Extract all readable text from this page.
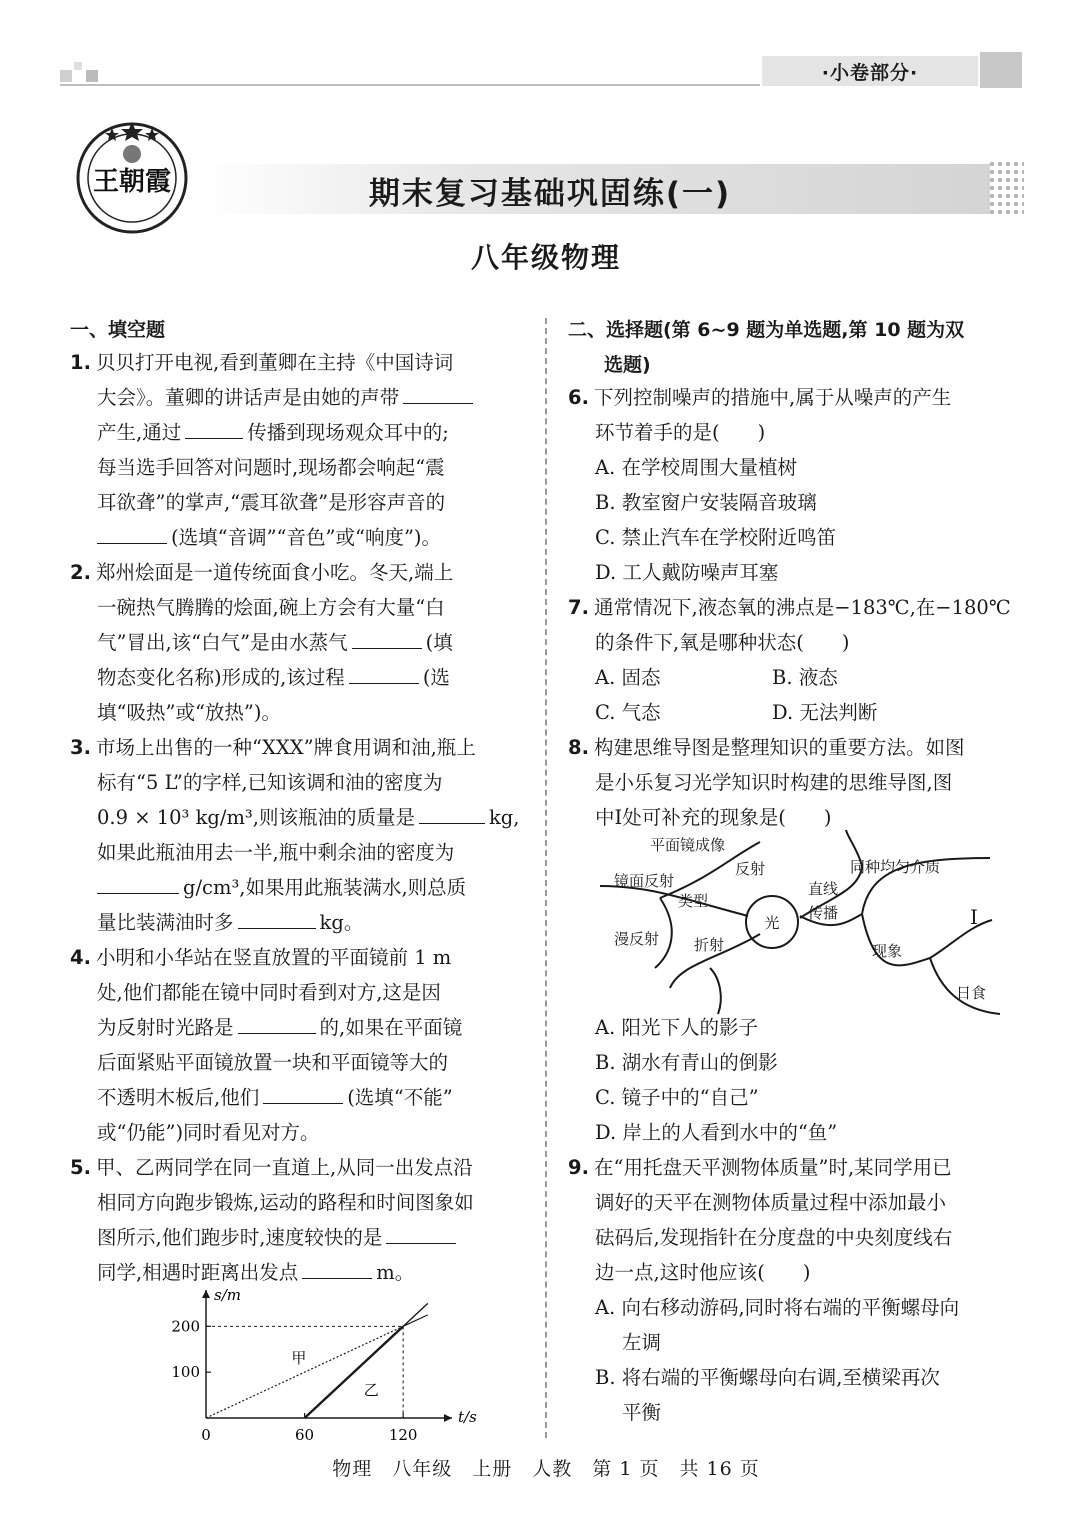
·小卷部分·
王朝霞	期末复习基础巩固练(一)
八年级物理
一、填空题
1. 贝贝打开电视,看到董卿在主持《中国诗词
大会》。董卿的讲话声是由她的声带
产生,通过	传播到现场观众耳中的;
每当选手回答对问题时,现场都会响起“震
耳欲聋”的掌声,“震耳欲聋”是形容声音的
(选填“音调”“音色”或“响度”)。
2. 郑州烩面是一道传统面食小吃。冬天,端上
一碗热气腾腾的烩面,碗上方会有大量“白
气”冒出,该“白气”是由水蒸气	(填
物态变化名称)形成的,该过程	(选
填“吸热”或“放热”)。
3. 市场上出售的一种“XXX”牌食用调和油,瓶上
标有“5 L”的字样,已知该调和油的密度为
0.9 × 10³ kg/m³,则该瓶油的质量是	kg,
如果此瓶油用去一半,瓶中剩余油的密度为
g/cm³,如果用此瓶装满水,则总质
量比装满油时多	kg。
4. 小明和小华站在竖直放置的平面镜前 1 m
处,他们都能在镜中同时看到对方,这是因
为反射时光路是	的,如果在平面镜
后面紧贴平面镜放置一块和平面镜等大的
不透明木板后,他们	(选填“不能”
或“仍能”)同时看见对方。
5. 甲、乙两同学在同一直道上,从同一出发点沿
相同方向跑步锻炼,运动的路程和时间图象如
图所示,他们跑步时,速度较快的是
同学,相遇时距离出发点	m。
t/s
s/m
0	60	120
100
200
甲
乙
二、选择题(第 6~9 题为单选题,第 10 题为双
选题)
6. 下列控制噪声的措施中,属于从噪声的产生
环节着手的是( )
A. 在学校周围大量植树
B. 教室窗户安装隔音玻璃
C. 禁止汽车在学校附近鸣笛
D. 工人戴防噪声耳塞
7. 通常情况下,液态氧的沸点是−183℃,在−180℃
的条件下,氧是哪种状态( )
A. 固态	B. 液态
C. 气态	D. 无法判断
8. 构建思维导图是整理知识的重要方法。如图
是小乐复习光学知识时构建的思维导图,图
中Ⅰ处可补充的现象是( )
光
平面镜成像
反射
镜面反射
类型
漫反射 折射
直线
传播
同种均匀介质
Ⅰ
现象
日食
A. 阳光下人的影子
B. 湖水有青山的倒影
C. 镜子中的“自己”
D. 岸上的人看到水中的“鱼”
9. 在“用托盘天平测物体质量”时,某同学用已
调好的天平在测物体质量过程中添加最小
砝码后,发现指针在分度盘的中央刻度线右
边一点,这时他应该( )
A. 向右移动游码,同时将右端的平衡螺母向
左调
B. 将右端的平衡螺母向右调,至横梁再次
平衡
物理　八年级　上册　人教　第 1 页　共 16 页
